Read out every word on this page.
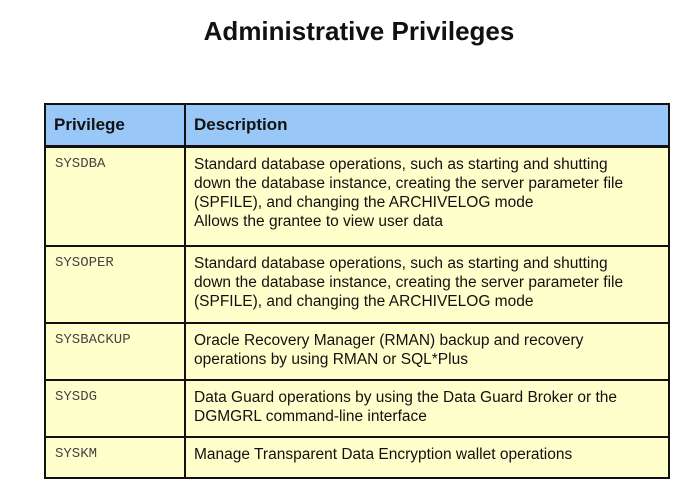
Administrative Privileges
Privilege	Description
SYSDBA	Standard database operations, such as starting and shutting
down the database instance, creating the server parameter file
(SPFILE), and changing the ARCHIVELOG mode
Allows the grantee to view user data

SYSOPER	Standard database operations, such as starting and shutting
down the database instance, creating the server parameter file
(SPFILE), and changing the ARCHIVELOG mode

SYSBACKUP	Oracle Recovery Manager (RMAN) backup and recovery
operations by using RMAN or SQL*Plus

SYSDG	Data Guard operations by using the Data Guard Broker or the
DGMGRL command-line interface

SYSKM	Manage Transparent Data Encryption wallet operations
